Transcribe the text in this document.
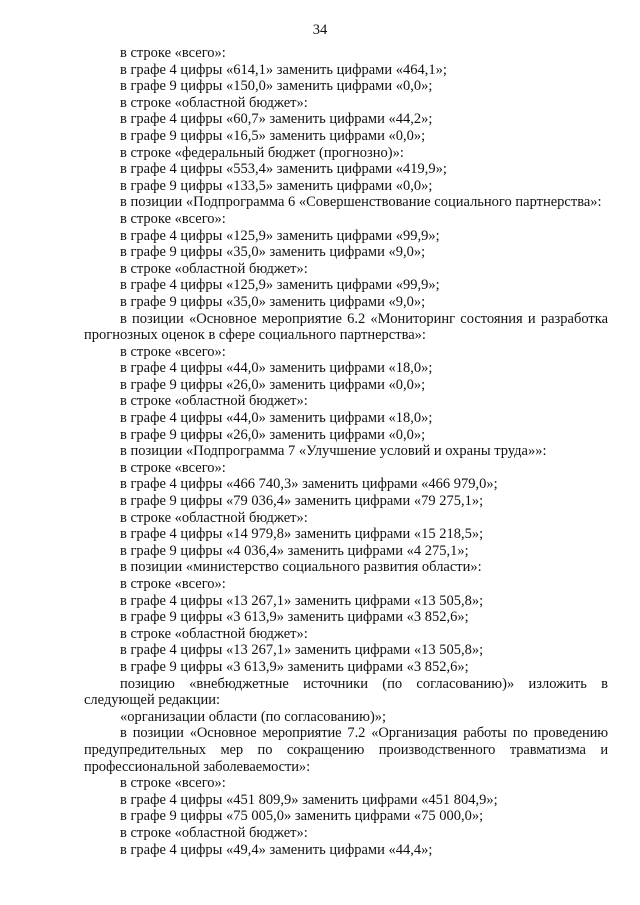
34
в строке «всего»:
в графе 4 цифры «614,1» заменить цифрами «464,1»;
в графе 9 цифры «150,0» заменить цифрами «0,0»;
в строке «областной бюджет»:
в графе 4 цифры «60,7» заменить цифрами «44,2»;
в графе 9 цифры «16,5» заменить цифрами «0,0»;
в строке «федеральный бюджет (прогнозно)»:
в графе 4 цифры «553,4» заменить цифрами «419,9»;
в графе 9 цифры «133,5» заменить цифрами «0,0»;
в позиции «Подпрограмма 6 «Совершенствование социального партнерства»:
в строке «всего»:
в графе 4 цифры «125,9» заменить цифрами «99,9»;
в графе 9 цифры «35,0» заменить цифрами «9,0»;
в строке «областной бюджет»:
в графе 4 цифры «125,9» заменить цифрами «99,9»;
в графе 9 цифры «35,0» заменить цифрами «9,0»;
в позиции «Основное мероприятие 6.2 «Мониторинг состояния и разработка прогнозных оценок в сфере социального партнерства»:
в строке «всего»:
в графе 4 цифры «44,0» заменить цифрами «18,0»;
в графе 9 цифры «26,0» заменить цифрами «0,0»;
в строке «областной бюджет»:
в графе 4 цифры «44,0» заменить цифрами «18,0»;
в графе 9 цифры «26,0» заменить цифрами «0,0»;
в позиции «Подпрограмма 7 «Улучшение условий и охраны труда»»:
в строке «всего»:
в графе 4 цифры «466 740,3» заменить цифрами «466 979,0»;
в графе 9 цифры «79 036,4» заменить цифрами «79 275,1»;
в строке «областной бюджет»:
в графе 4 цифры «14 979,8» заменить цифрами «15 218,5»;
в графе 9 цифры «4 036,4» заменить цифрами «4 275,1»;
в позиции «министерство социального развития области»:
в строке «всего»:
в графе 4 цифры «13 267,1» заменить цифрами «13 505,8»;
в графе 9 цифры «3 613,9» заменить цифрами «3 852,6»;
в строке «областной бюджет»:
в графе 4 цифры «13 267,1» заменить цифрами «13 505,8»;
в графе 9 цифры «3 613,9» заменить цифрами «3 852,6»;
позицию «внебюджетные источники (по согласованию)» изложить в следующей редакции:
«организации области (по согласованию)»;
в позиции «Основное мероприятие 7.2 «Организация работы по проведению предупредительных мер по сокращению производственного травматизма и профессиональной заболеваемости»:
в строке «всего»:
в графе 4 цифры «451 809,9» заменить цифрами «451 804,9»;
в графе 9 цифры «75 005,0» заменить цифрами «75 000,0»;
в строке «областной бюджет»:
в графе 4 цифры «49,4» заменить цифрами «44,4»;
